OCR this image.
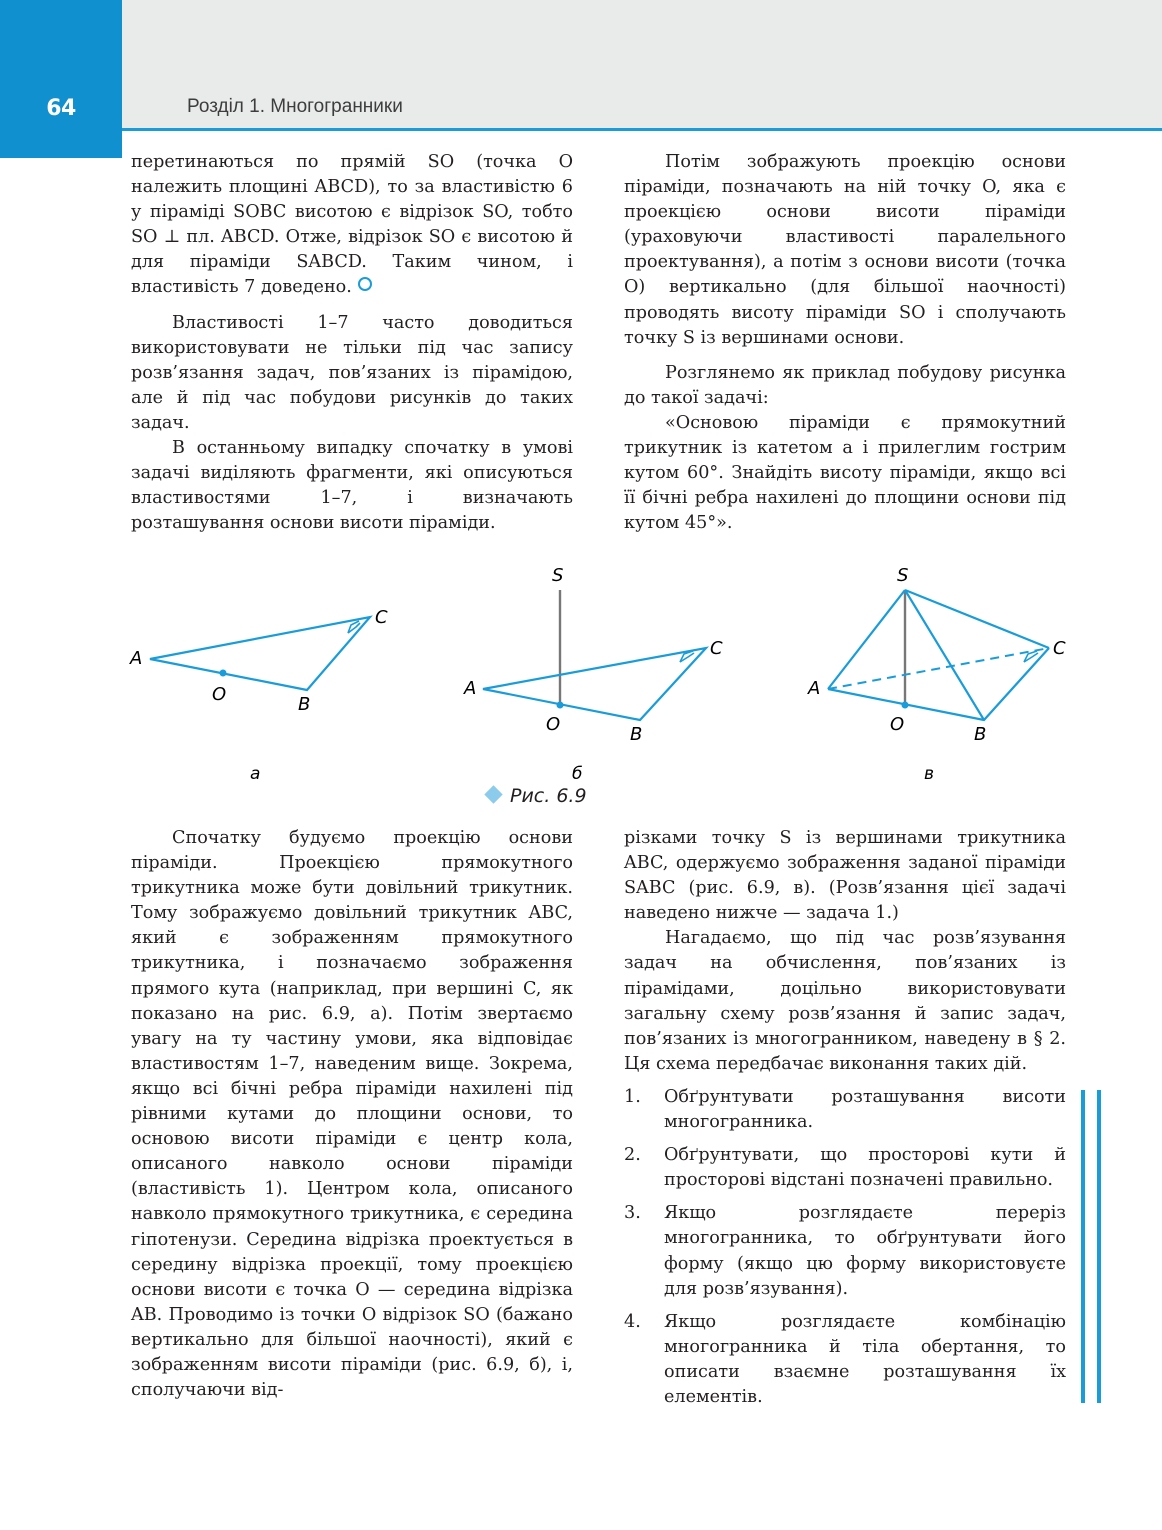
64	Розділ 1. Многогранники

перетинаються по прямій SO (точка O належить площині ABCD), то за властивістю 6 у піраміді SOBC висотою є відрізок SO, тобто SO ⊥ пл. ABCD. Отже, відрізок SO є висотою й для піраміди SABCD. Таким чином, і властивість 7 доведено.

Властивості 1–7 часто доводиться використовувати не тільки під час запису розв’язання задач, пов’язаних із пірамідою, але й під час побудови рисунків до таких задач.

В останньому випадку спочатку в умові задачі виділяють фрагменти, які описуються властивостями 1–7, і визначають розташування основи висоти піраміди.

Потім зображують проекцію основи піраміди, позначають на ній точку O, яка є проекцією основи висоти піраміди (ураховуючи властивості паралельного проектування), а потім з основи висоти (точка O) вертикально (для більшої наочності) проводять висоту піраміди SO і сполучають точку S із вершинами основи.

Розглянемо як приклад побудову рисунка до такої задачі:

«Основою піраміди є прямокутний трикутник із катетом a і прилеглим гострим кутом 60°. Знайдіть висоту піраміди, якщо всі її бічні ребра нахилені до площини основи під кутом 45°».

A
O	B
C
а
S
A
O	B
C
б
S
A
O	B
C
в
Рис. 6.9

Спочатку будуємо проекцію основи піраміди. Проекцією прямокутного трикутника може бути довільний трикутник. Тому зображуємо довільний трикутник ABC, який є зображенням прямокутного трикутника, і позначаємо зображення прямого кута (наприклад, при вершині C, як показано на рис. 6.9, а). Потім звертаємо увагу на ту частину умови, яка відповідає властивостям 1–7, наведеним вище. Зокрема, якщо всі бічні ребра піраміди нахилені під рівними кутами до площини основи, то основою висоти піраміди є центр кола, описаного навколо основи піраміди (властивість 1). Центром кола, описаного навколо прямокутного трикутника, є середина гіпотенузи. Середина відрізка проектується в середину відрізка проекції, тому проекцією основи висоти є точка O — середина відрізка AB. Проводимо із точки O відрізок SO (бажано вертикально для більшої наочності), який є зображенням висоти піраміди (рис. 6.9, б), і, сполучаючи від-

різками точку S із вершинами трикутника ABC, одержуємо зображення заданої піраміди SABC (рис. 6.9, в). (Розв’язання цієї задачі наведено нижче — задача 1.)

Нагадаємо, що під час розв’язування задач на обчислення, пов’язаних із пірамідами, доцільно використовувати загальну схему розв’язання й запис задач, пов’язаних із многогранником, наведену в § 2. Ця схема передбачає виконання таких дій.

1. Обґрунтувати розташування висоти многогранника.
2. Обґрунтувати, що просторові кути й просторові відстані позначені правильно.
3. Якщо розглядаєте переріз многогранника, то обґрунтувати його форму (якщо цю форму використовуєте для розв’язування).
4. Якщо розглядаєте комбінацію многогранника й тіла обертання, то описати взаємне розташування їх елементів.
